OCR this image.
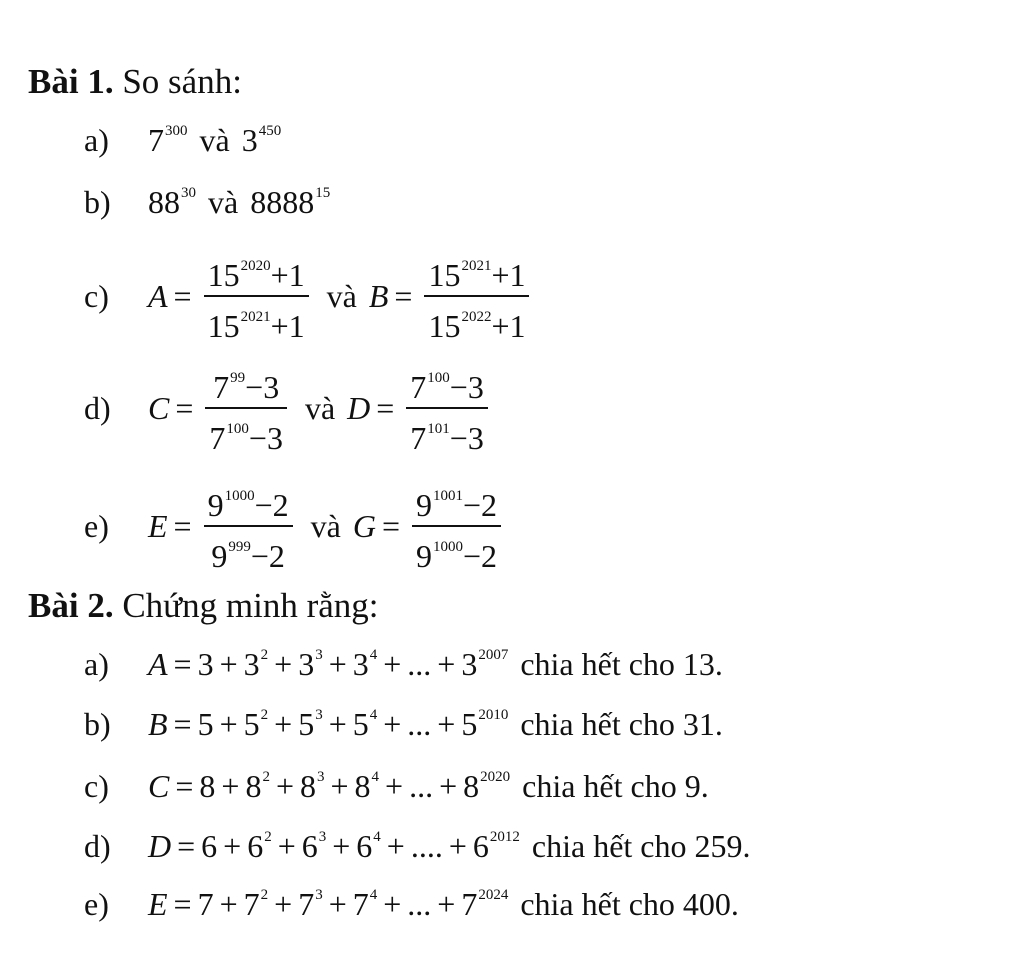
Bài 1. So sánh:
a)	$7^{300}$ và $3^{450}$
b)	$88^{30}$ và 8888$^{15}$
c)	$A = \frac{15^{2020}+1}{15^{2021}+1}$ và $B = \frac{15^{2021}+1}{15^{2022}+1}$
d)	$C = \frac{7^{99}-3}{7^{100}-3}$ và $D = \frac{7^{100}-3}{7^{101}-3}$
e)	$E = \frac{9^{1000}-2}{9^{999}-2}$ và $G = \frac{9^{1001}-2}{9^{1000}-2}$
Bài 2. Chứng minh rằng:
a)	$A = 3 + 3^2 + 3^3 + 3^4$ + ... + $3^{2007}$ chia hết cho 13.
b)	$B = 5 + 5^2 + 5^3 + 5^4$ + ... + $5^{2010}$ chia hết cho 31.
c)	$C = 8 + 8^2 + 8^3 + 8^4$ + ... + $8^{2020}$ chia hết cho 9.
d)	$D = 6 + 6^2 + 6^3 + 6^4$ + .... + $6^{2012}$ chia hết cho 259.
e)	$E = 7 + 7^2 + 7^3 + 7^4$ + ... + $7^{2024}$ chia hết cho 400.
